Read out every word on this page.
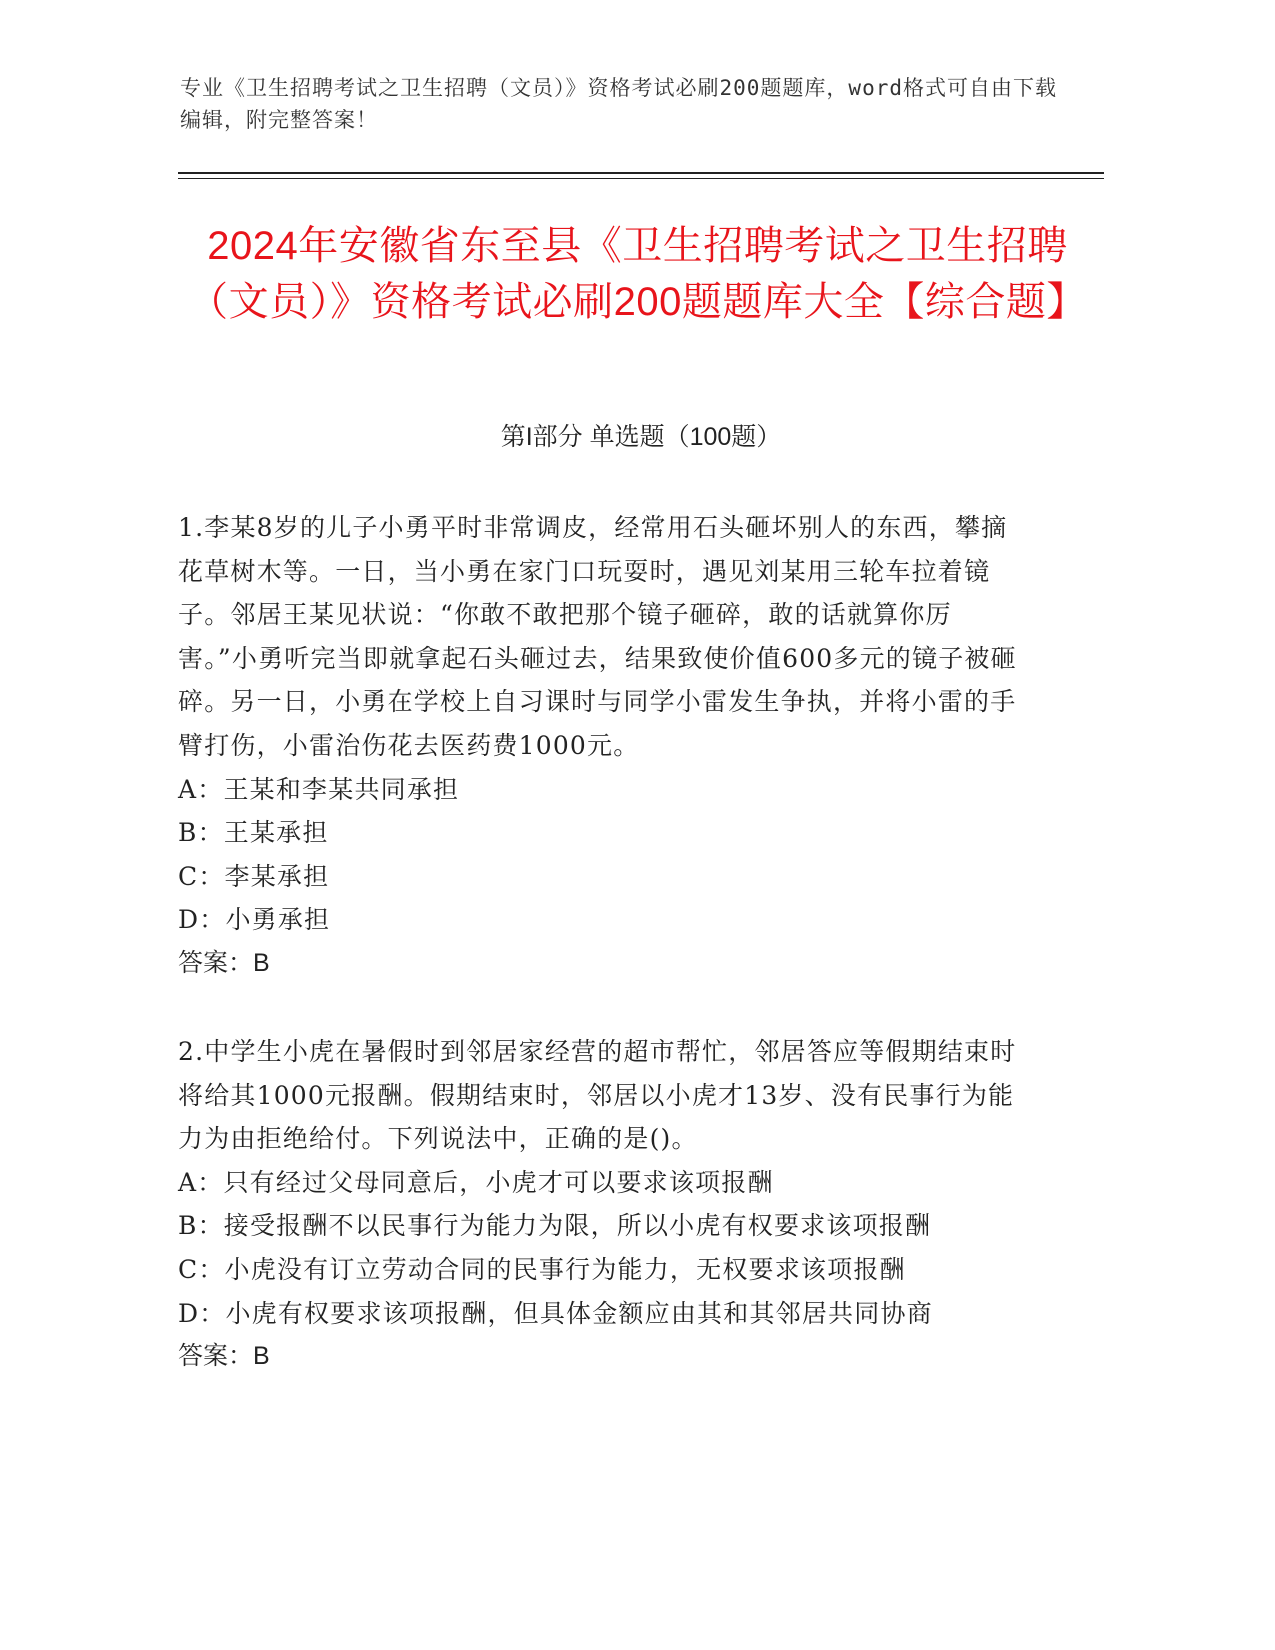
专业《卫生招聘考试之卫生招聘（文员）》资格考试必刷200题题库，word格式可自由下载编辑，附完整答案！
2024年安徽省东至县《卫生招聘考试之卫生招聘（文员）》资格考试必刷200题题库大全【综合题】
第I部分 单选题（100题）
1.李某8岁的儿子小勇平时非常调皮，经常用石头砸坏别人的东西，攀摘花草树木等。一日，当小勇在家门口玩耍时，遇见刘某用三轮车拉着镜子。邻居王某见状说：“你敢不敢把那个镜子砸碎，敢的话就算你厉害。”小勇听完当即就拿起石头砸过去，结果致使价值600多元的镜子被砸碎。另一日，小勇在学校上自习课时与同学小雷发生争执，并将小雷的手臂打伤，小雷治伤花去医药费1000元。
A：王某和李某共同承担
B：王某承担
C：李某承担
D：小勇承担
答案：B
2.中学生小虎在暑假时到邻居家经营的超市帮忙，邻居答应等假期结束时将给其1000元报酬。假期结束时，邻居以小虎才13岁、没有民事行为能力为由拒绝给付。下列说法中，正确的是()。
A：只有经过父母同意后，小虎才可以要求该项报酬
B：接受报酬不以民事行为能力为限，所以小虎有权要求该项报酬
C：小虎没有订立劳动合同的民事行为能力，无权要求该项报酬
D：小虎有权要求该项报酬，但具体金额应由其和其邻居共同协商
答案：B
